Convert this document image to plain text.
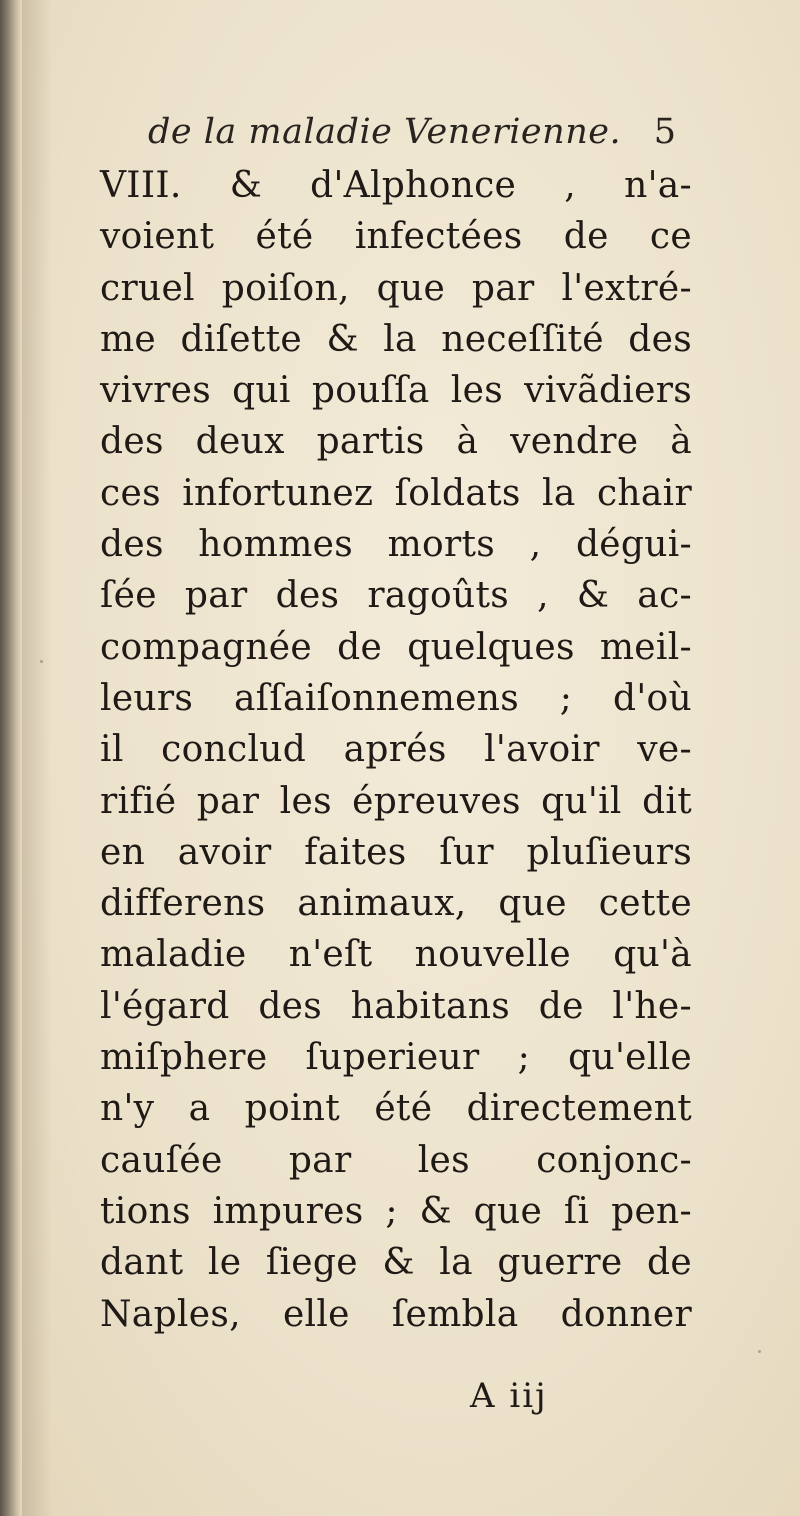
de la maladie Venerienne. 5
VIII. & d'Alphonce , n'a-
voient été infectées de ce
cruel poiſon, que par l'extré-
me diſette & la neceſſité des
vivres qui pouſſa les vivãdiers
des deux partis à vendre à
ces infortunez ſoldats la chair
des hommes morts , dégui-
ſée par des ragoûts , & ac-
compagnée de quelques meil-
leurs aſſaiſonnemens ; d'où
il conclud aprés l'avoir ve-
rifié par les épreuves qu'il dit
en avoir faites ſur pluſieurs
differens animaux, que cette
maladie n'eſt nouvelle qu'à
l'égard des habitans de l'he-
miſphere ſuperieur ; qu'elle
n'y a point été directement
cauſée par les conjonc-
tions impures ; & que ſi pen-
dant le ſiege & la guerre de
Naples, elle ſembla donner
A iij
